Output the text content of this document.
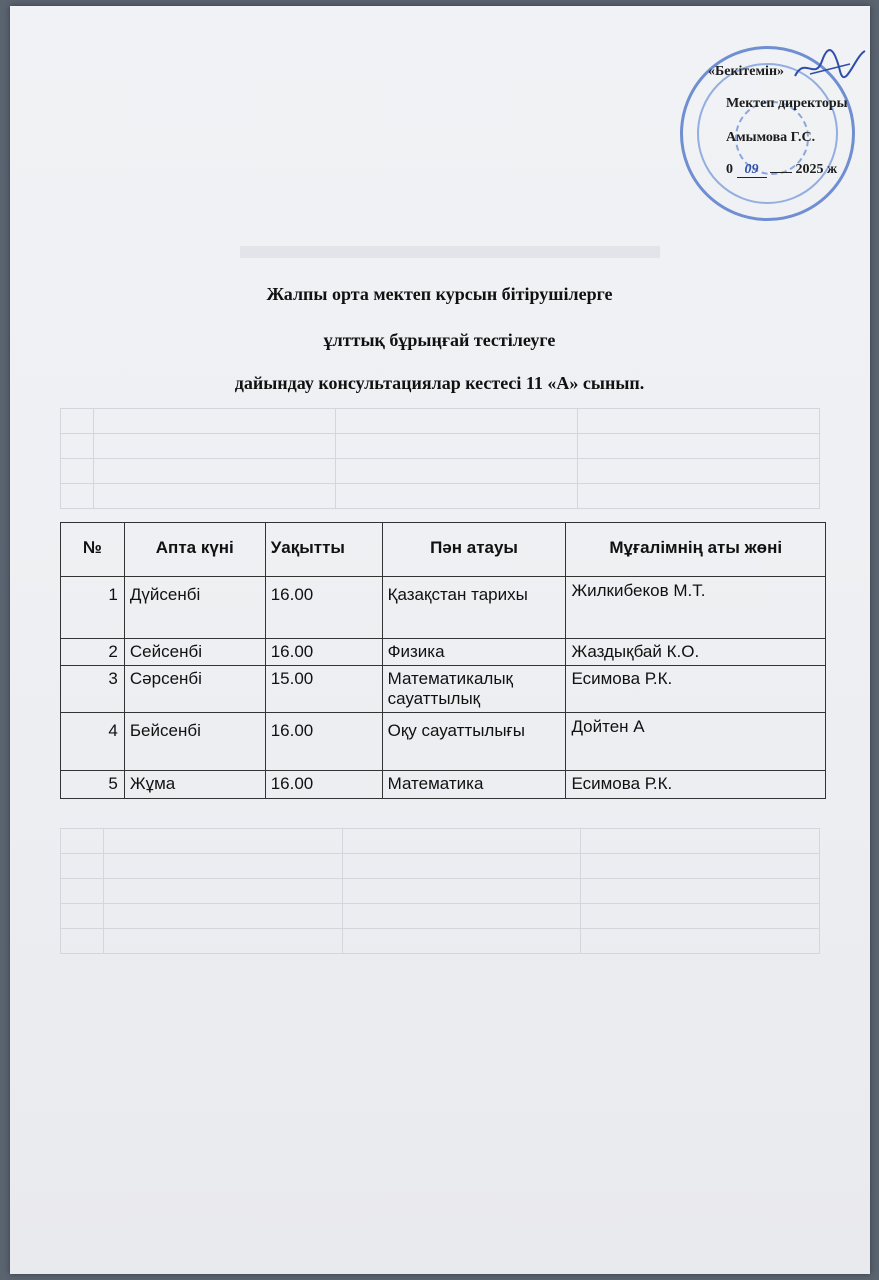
«Бекітемін»
Мектеп директоры
Амымова Г.С.
0 09	2025 ж
Жалпы орта мектеп курсын бітірушілерге
ұлттық бұрыңғай тестілеуге
дайындау консультациялар кестесі 11 «А» сынып.
№	Апта күні	Уақытты	Пән атауы	Мұғалімнің аты жөні
1	Дүйсенбі	16.00	Қазақстан тарихы	Жилкибеков М.Т.
2	Сейсенбі	16.00	Физика	Жаздықбай К.О.
3	Сәрсенбі	15.00	Математикалық сауаттылық	Есимова Р.К.
4	Бейсенбі	16.00	Оқу сауаттылығы	Дойтен А
5	Жұма	16.00	Математика	Есимова Р.К.
